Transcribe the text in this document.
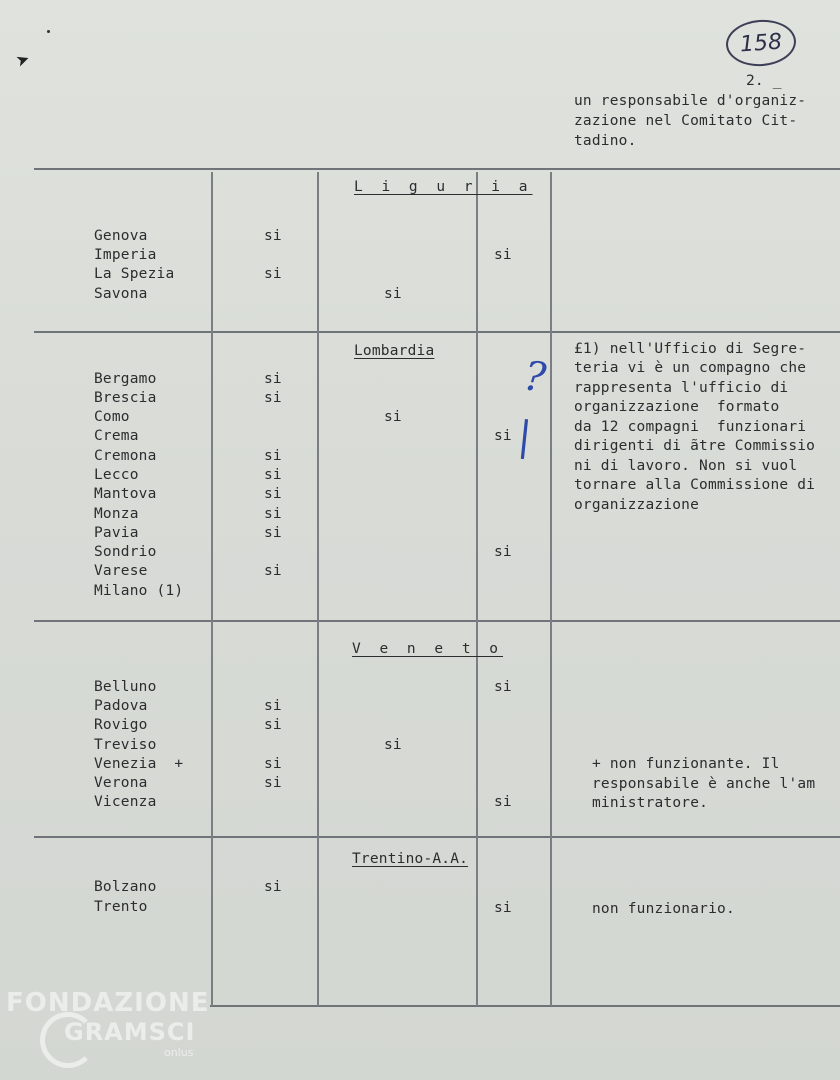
➤
158
2. _
un responsabile d'organiz-
zazione nel Comitato Cit-
tadino.
L i g u r i a
Genova
Imperia
La Spezia
Savona
si
si
si
si
Lombardia
Bergamo
Brescia
Como
Crema
Cremona
Lecco
Mantova
Monza
Pavia
Sondrio
Varese
Milano (1)
si
si
si
si
si
si
si
si
si
si
si
?|
£1) nell'Ufficio di Segre-
teria vi è un compagno che
rappresenta l'ufficio di
organizzazione  formato
da 12 compagni  funzionari
dirigenti di ãtre Commissio
ni di lavoro. Non si vuol
tornare alla Commissione di
organizzazione
V e n e t o
Belluno
Padova
Rovigo
Treviso
Venezia  +
Verona
Vicenza
si
si
si
si
si
si
si
+ non funzionante. Il
responsabile è anche l'am
ministratore.
Trentino-A.A.
Bolzano
Trento
si
si	non funzionario.
FONDAZIONE
GRAMSCI
onlus
